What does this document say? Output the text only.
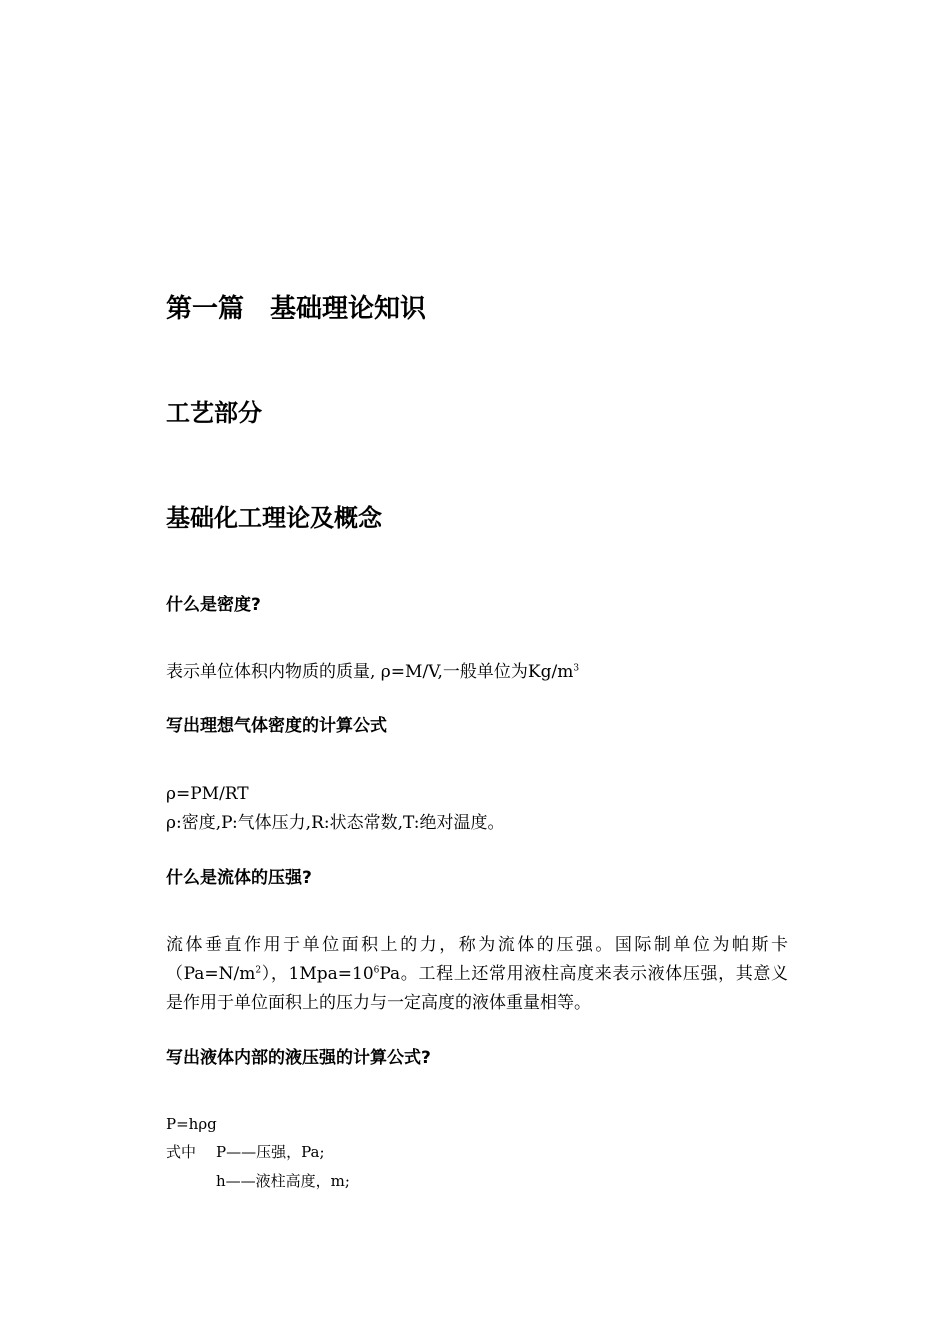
第一篇 基础理论知识
工艺部分
基础化工理论及概念
什么是密度?
表示单位体积内物质的质量, ρ=M/V,一般单位为$Kg/m^3$
写出理想气体密度的计算公式
ρ=PM/RT
ρ:密度,P:气体压力,R:状态常数,T:绝对温度。
什么是流体的压强?
流体垂直作用于单位面积上的力，称为流体的压强。国际制单位为帕斯卡$(Pa=N/m^2)$，$1Mpa=10^6Pa$。工程上还常用液柱高度来表示液体压强，其意义是作用于单位面积上的压力与一定高度的液体重量相等。
写出液体内部的液压强的计算公式?
P=hρg
式中 P——压强，Pa;
h——液柱高度，m;
